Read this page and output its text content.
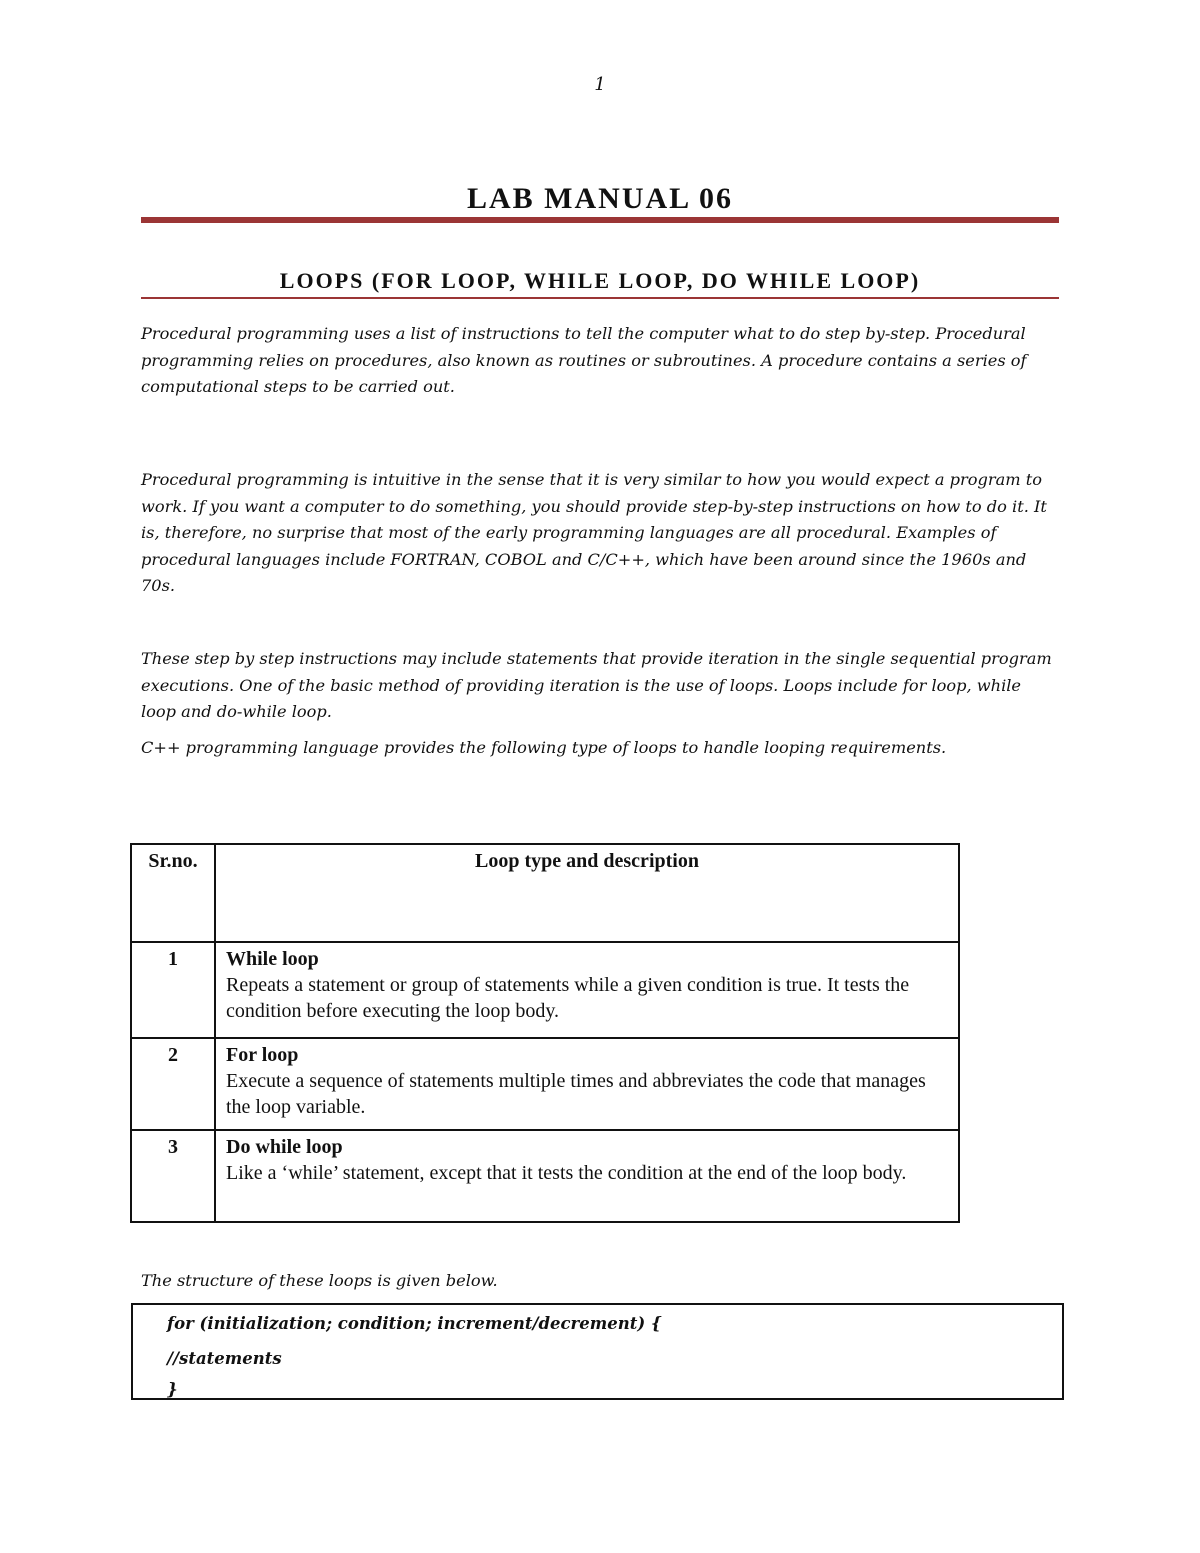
1

LAB MANUAL 06
LOOPS (FOR LOOP, WHILE LOOP, DO WHILE LOOP)

Procedural programming uses a list of instructions to tell the computer what to do step by-step. Procedural programming relies on procedures, also known as routines or subroutines. A procedure contains a series of computational steps to be carried out.

Procedural programming is intuitive in the sense that it is very similar to how you would expect a program to work. If you want a computer to do something, you should provide step-by-step instructions on how to do it. It is, therefore, no surprise that most of the early programming languages are all procedural. Examples of procedural languages include FORTRAN, COBOL and C/C++, which have been around since the 1960s and 70s.

These step by step instructions may include statements that provide iteration in the single sequential program executions. One of the basic method of providing iteration is the use of loops. Loops include for loop, while loop and do-while loop.

C++ programming language provides the following type of loops to handle looping requirements.

Sr.no.	Loop type and description
1	While loop
Repeats a statement or group of statements while a given condition is true. It tests the condition before executing the loop body.

2	For loop
Execute a sequence of statements multiple times and abbreviates the code that manages the loop variable.

3	Do while loop
Like a ‘while’ statement, except that it tests the condition at the end of the loop body.

The structure of these loops is given below.

for (initialization; condition; increment/decrement) {
//statements
}
